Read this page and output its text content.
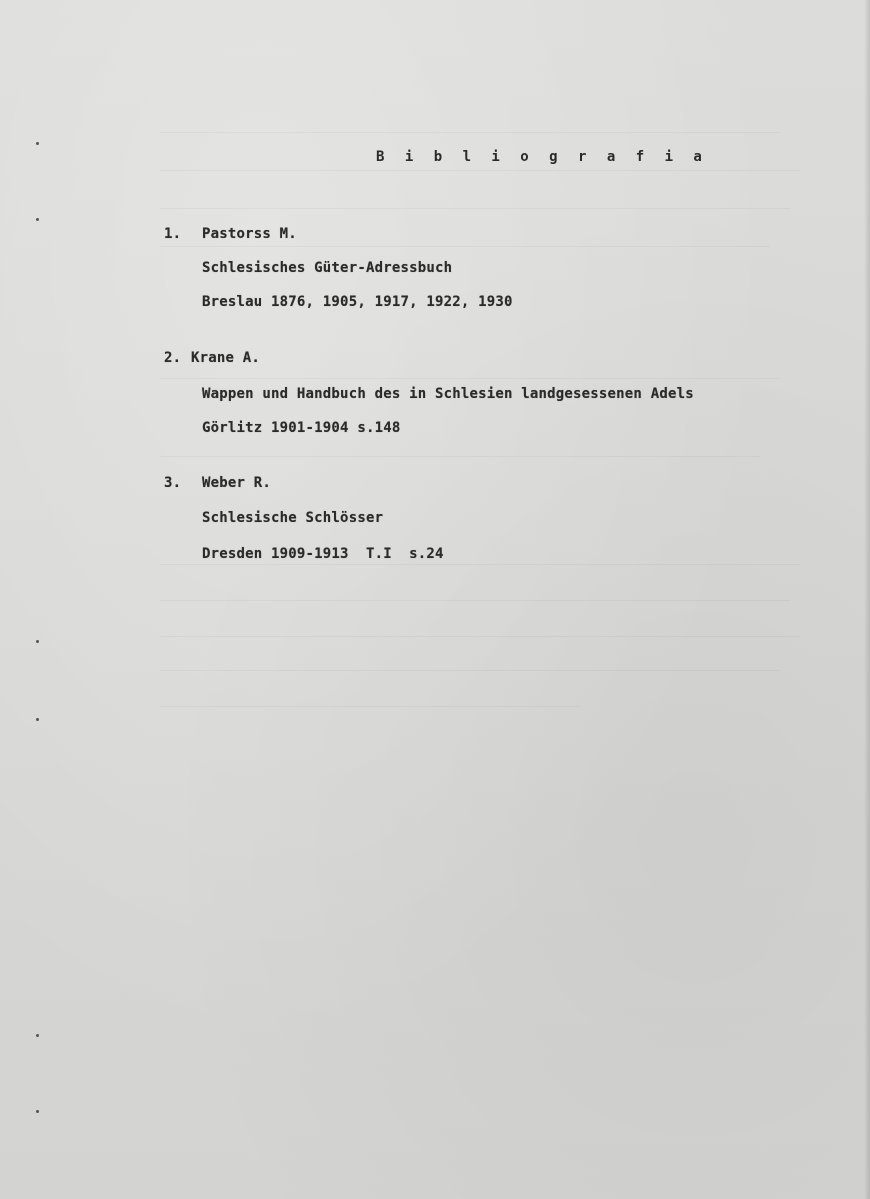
B i b l i o g r a f i a
1. Pastorss M.
Schlesisches Güter-Adressbuch
Breslau 1876, 1905, 1917, 1922, 1930
2. Krane A.
Wappen und Handbuch des in Schlesien landgesessenen Adels
Görlitz 1901-1904 s.148
3. Weber R.
Schlesische Schlösser
Dresden 1909-1913  T.I  s.24
